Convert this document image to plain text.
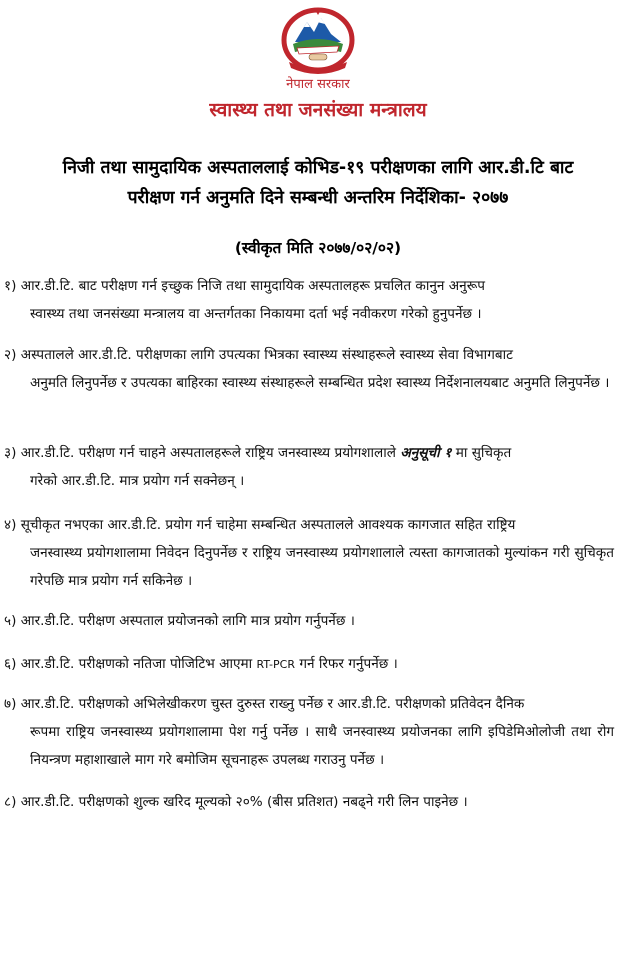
नेपाल सरकार
स्वास्थ्य तथा जनसंख्या मन्त्रालय
निजी तथा सामुदायिक अस्पताललाई कोभिड-१९ परीक्षणका लागि आर.डी.टि बाट
परीक्षण गर्न अनुमति दिने सम्बन्धी अन्तरिम निर्देशिका- २०७७
(स्वीकृत मिति २०७७/०२/०२)
१) आर.डी.टि. बाट परीक्षण गर्न इच्छुक निजि तथा सामुदायिक अस्पतालहरू प्रचलित कानुन अनुरूप
स्वास्थ्य तथा जनसंख्या मन्त्रालय वा अन्तर्गतका निकायमा दर्ता भई नवीकरण गरेको हुनुपर्नेछ ।
२) अस्पतालले आर.डी.टि. परीक्षणका लागि उपत्यका भित्रका स्वास्थ्य संस्थाहरूले स्वास्थ्य सेवा विभागबाट
अनुमति लिनुपर्नेछ र उपत्यका बाहिरका स्वास्थ्य संस्थाहरूले सम्बन्धित प्रदेश स्वास्थ्य निर्देशनालयबाट अनुमति लिनुपर्नेछ ।
३) आर.डी.टि. परीक्षण गर्न चाहने अस्पतालहरूले राष्ट्रिय जनस्वास्थ्य प्रयोगशालाले अनुसूची १ मा सुचिकृत
गरेको आर.डी.टि. मात्र प्रयोग गर्न सक्नेछन् ।
४) सूचीकृत नभएका आर.डी.टि. प्रयोग गर्न चाहेमा सम्बन्धित अस्पतालले आवश्यक कागजात सहित राष्ट्रिय
जनस्वास्थ्य प्रयोगशालामा निवेदन दिनुपर्नेछ र राष्ट्रिय जनस्वास्थ्य प्रयोगशालाले त्यस्ता कागजातको मुल्यांकन गरी सुचिकृत गरेपछि मात्र प्रयोग गर्न सकिनेछ ।
५) आर.डी.टि. परीक्षण अस्पताल प्रयोजनको लागि मात्र प्रयोग गर्नुपर्नेछ ।
६) आर.डी.टि. परीक्षणको नतिजा पोजिटिभ आएमा RT-PCR गर्न रिफर गर्नुपर्नेछ ।
७) आर.डी.टि. परीक्षणको अभिलेखीकरण चुस्त दुरुस्त राख्नु पर्नेछ र आर.डी.टि. परीक्षणको प्रतिवेदन दैनिक
रूपमा राष्ट्रिय जनस्वास्थ्य प्रयोगशालामा पेश गर्नु पर्नेछ । साथै जनस्वास्थ्य प्रयोजनका लागि इपिडेमिओलोजी तथा रोग नियन्त्रण महाशाखाले माग गरे बमोजिम सूचनाहरू उपलब्ध गराउनु पर्नेछ ।
८) आर.डी.टि. परीक्षणको शुल्क खरिद मूल्यको २०% (बीस प्रतिशत) नबढ्ने गरी लिन पाइनेछ ।
